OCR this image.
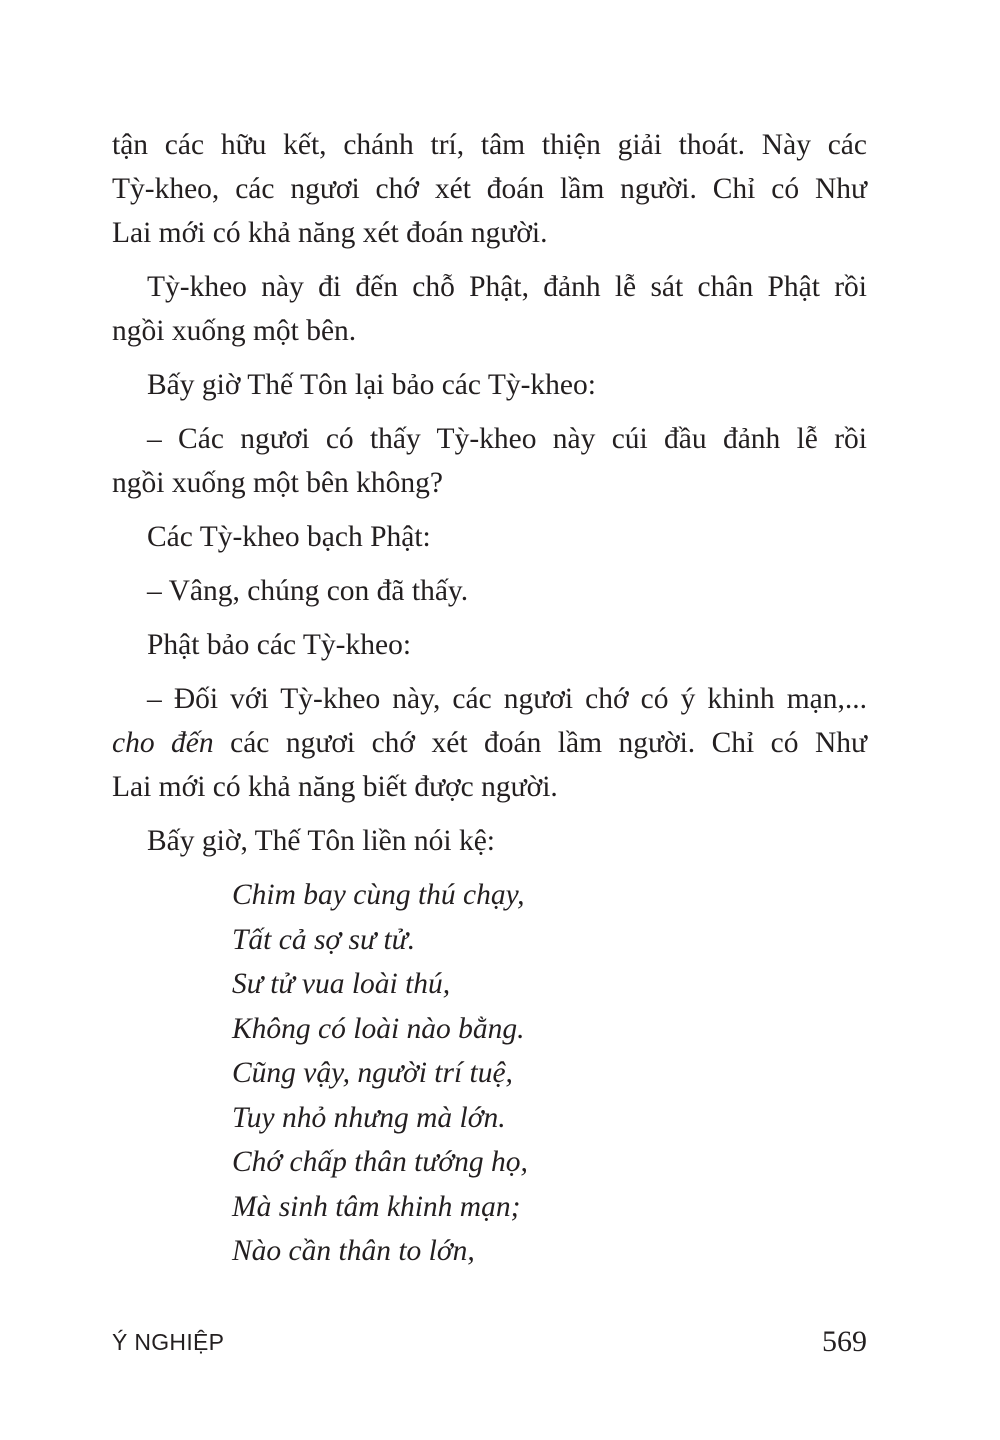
tận các hữu kết, chánh trí, tâm thiện giải thoát. Này các
Tỳ-kheo, các ngươi chớ xét đoán lầm người. Chỉ có Như
Lai mới có khả năng xét đoán người.

Tỳ-kheo này đi đến chỗ Phật, đảnh lễ sát chân Phật rồi
ngồi xuống một bên.

Bấy giờ Thế Tôn lại bảo các Tỳ-kheo:

– Các ngươi có thấy Tỳ-kheo này cúi đầu đảnh lễ rồi
ngồi xuống một bên không?

Các Tỳ-kheo bạch Phật:

– Vâng, chúng con đã thấy.

Phật bảo các Tỳ-kheo:

– Đối với Tỳ-kheo này, các ngươi chớ có ý khinh mạn,...
cho đến các ngươi chớ xét đoán lầm người. Chỉ có Như
Lai mới có khả năng biết được người.

Bấy giờ, Thế Tôn liền nói kệ:

Chim bay cùng thú chạy,
Tất cả sợ sư tử.
Sư tử vua loài thú,
Không có loài nào bằng.
Cũng vậy, người trí tuệ,
Tuy nhỏ nhưng mà lớn.
Chớ chấp thân tướng họ,
Mà sinh tâm khinh mạn;
Nào cần thân to lớn,
Ý NGHIỆP	569
